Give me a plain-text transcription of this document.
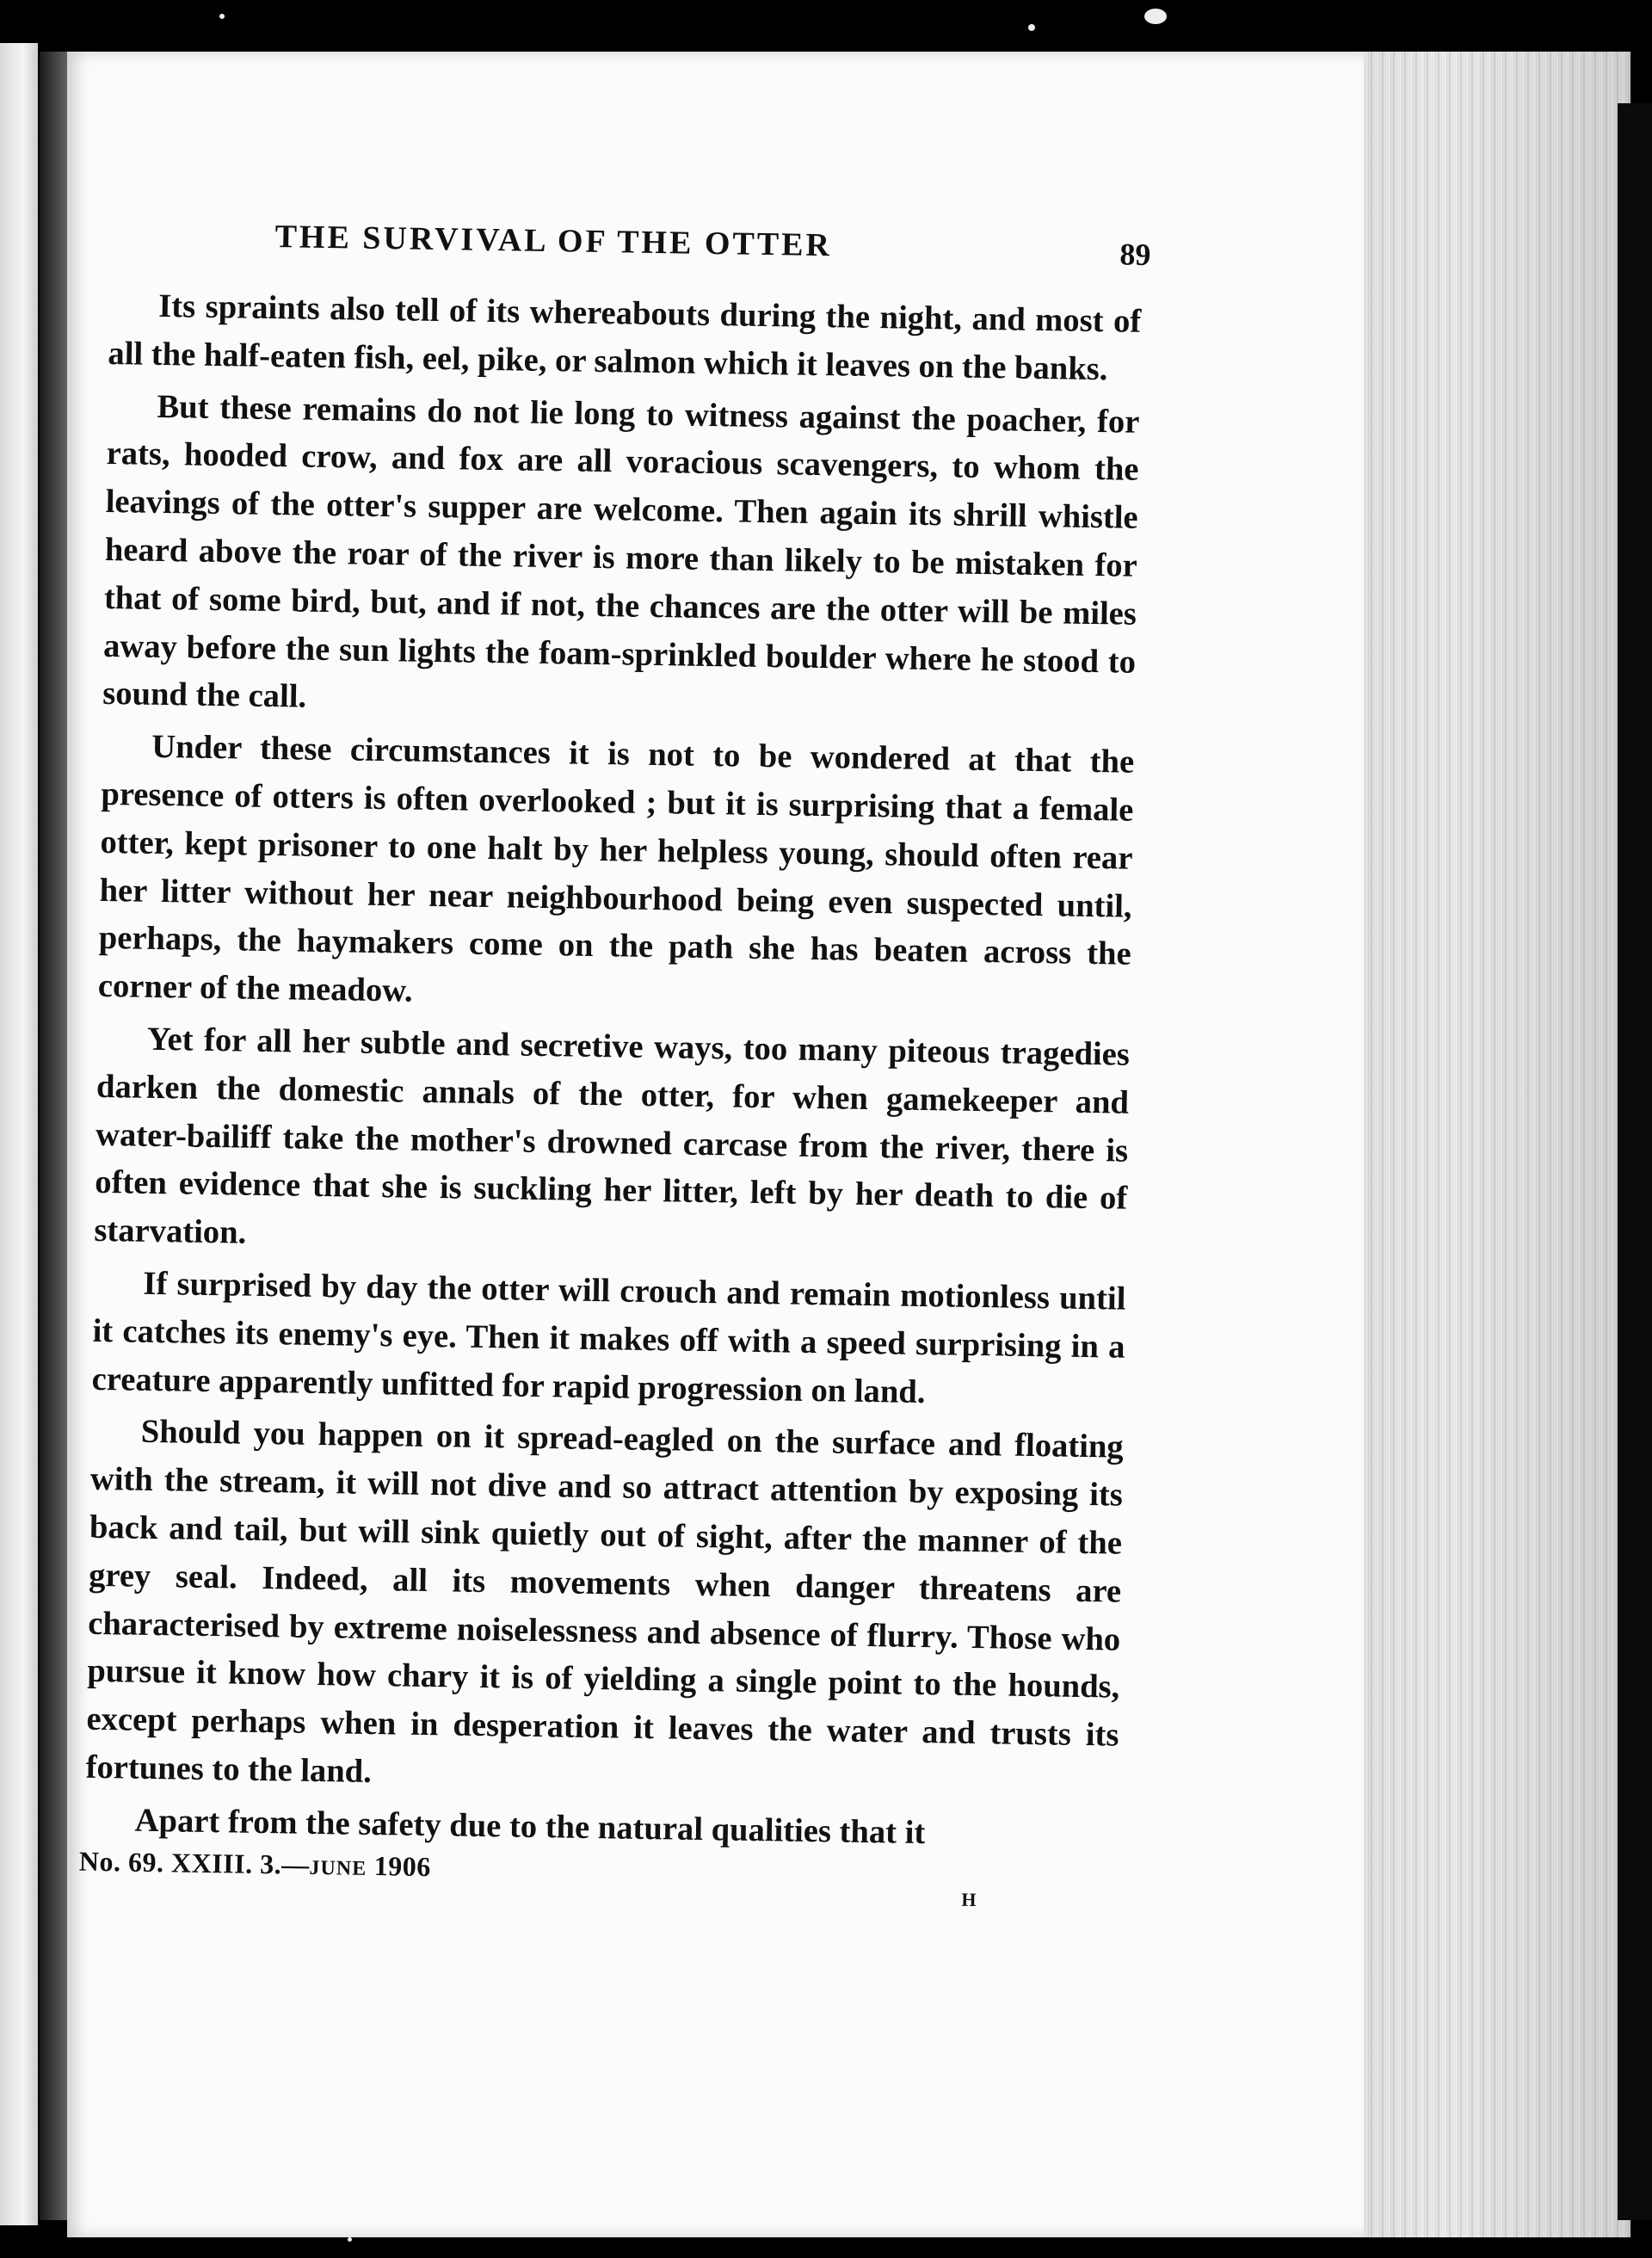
THE SURVIVAL OF THE OTTER	89

Its spraints also tell of its whereabouts during the night, and most of all the half-eaten fish, eel, pike, or salmon which it leaves on the banks.

But these remains do not lie long to witness against the poacher, for rats, hooded crow, and fox are all voracious scavengers, to whom the leavings of the otter's supper are welcome. Then again its shrill whistle heard above the roar of the river is more than likely to be mistaken for that of some bird, but, and if not, the chances are the otter will be miles away before the sun lights the foam-sprinkled boulder where he stood to sound the call.

Under these circumstances it is not to be wondered at that the presence of otters is often overlooked ; but it is surprising that a female otter, kept prisoner to one halt by her helpless young, should often rear her litter without her near neighbourhood being even suspected until, perhaps, the haymakers come on the path she has beaten across the corner of the meadow.

Yet for all her subtle and secretive ways, too many piteous tragedies darken the domestic annals of the otter, for when gamekeeper and water-bailiff take the mother's drowned carcase from the river, there is often evidence that she is suckling her litter, left by her death to die of starvation.

If surprised by day the otter will crouch and remain motionless until it catches its enemy's eye. Then it makes off with a speed surprising in a creature apparently unfitted for rapid progression on land.

Should you happen on it spread-eagled on the surface and floating with the stream, it will not dive and so attract attention by exposing its back and tail, but will sink quietly out of sight, after the manner of the grey seal. Indeed, all its movements when danger threatens are characterised by extreme noiselessness and absence of flurry. Those who pursue it know how chary it is of yielding a single point to the hounds, except perhaps when in desperation it leaves the water and trusts its fortunes to the land.

Apart from the safety due to the natural qualities that it

No. 69. XXIII. 3.—JUNE 1906
H
